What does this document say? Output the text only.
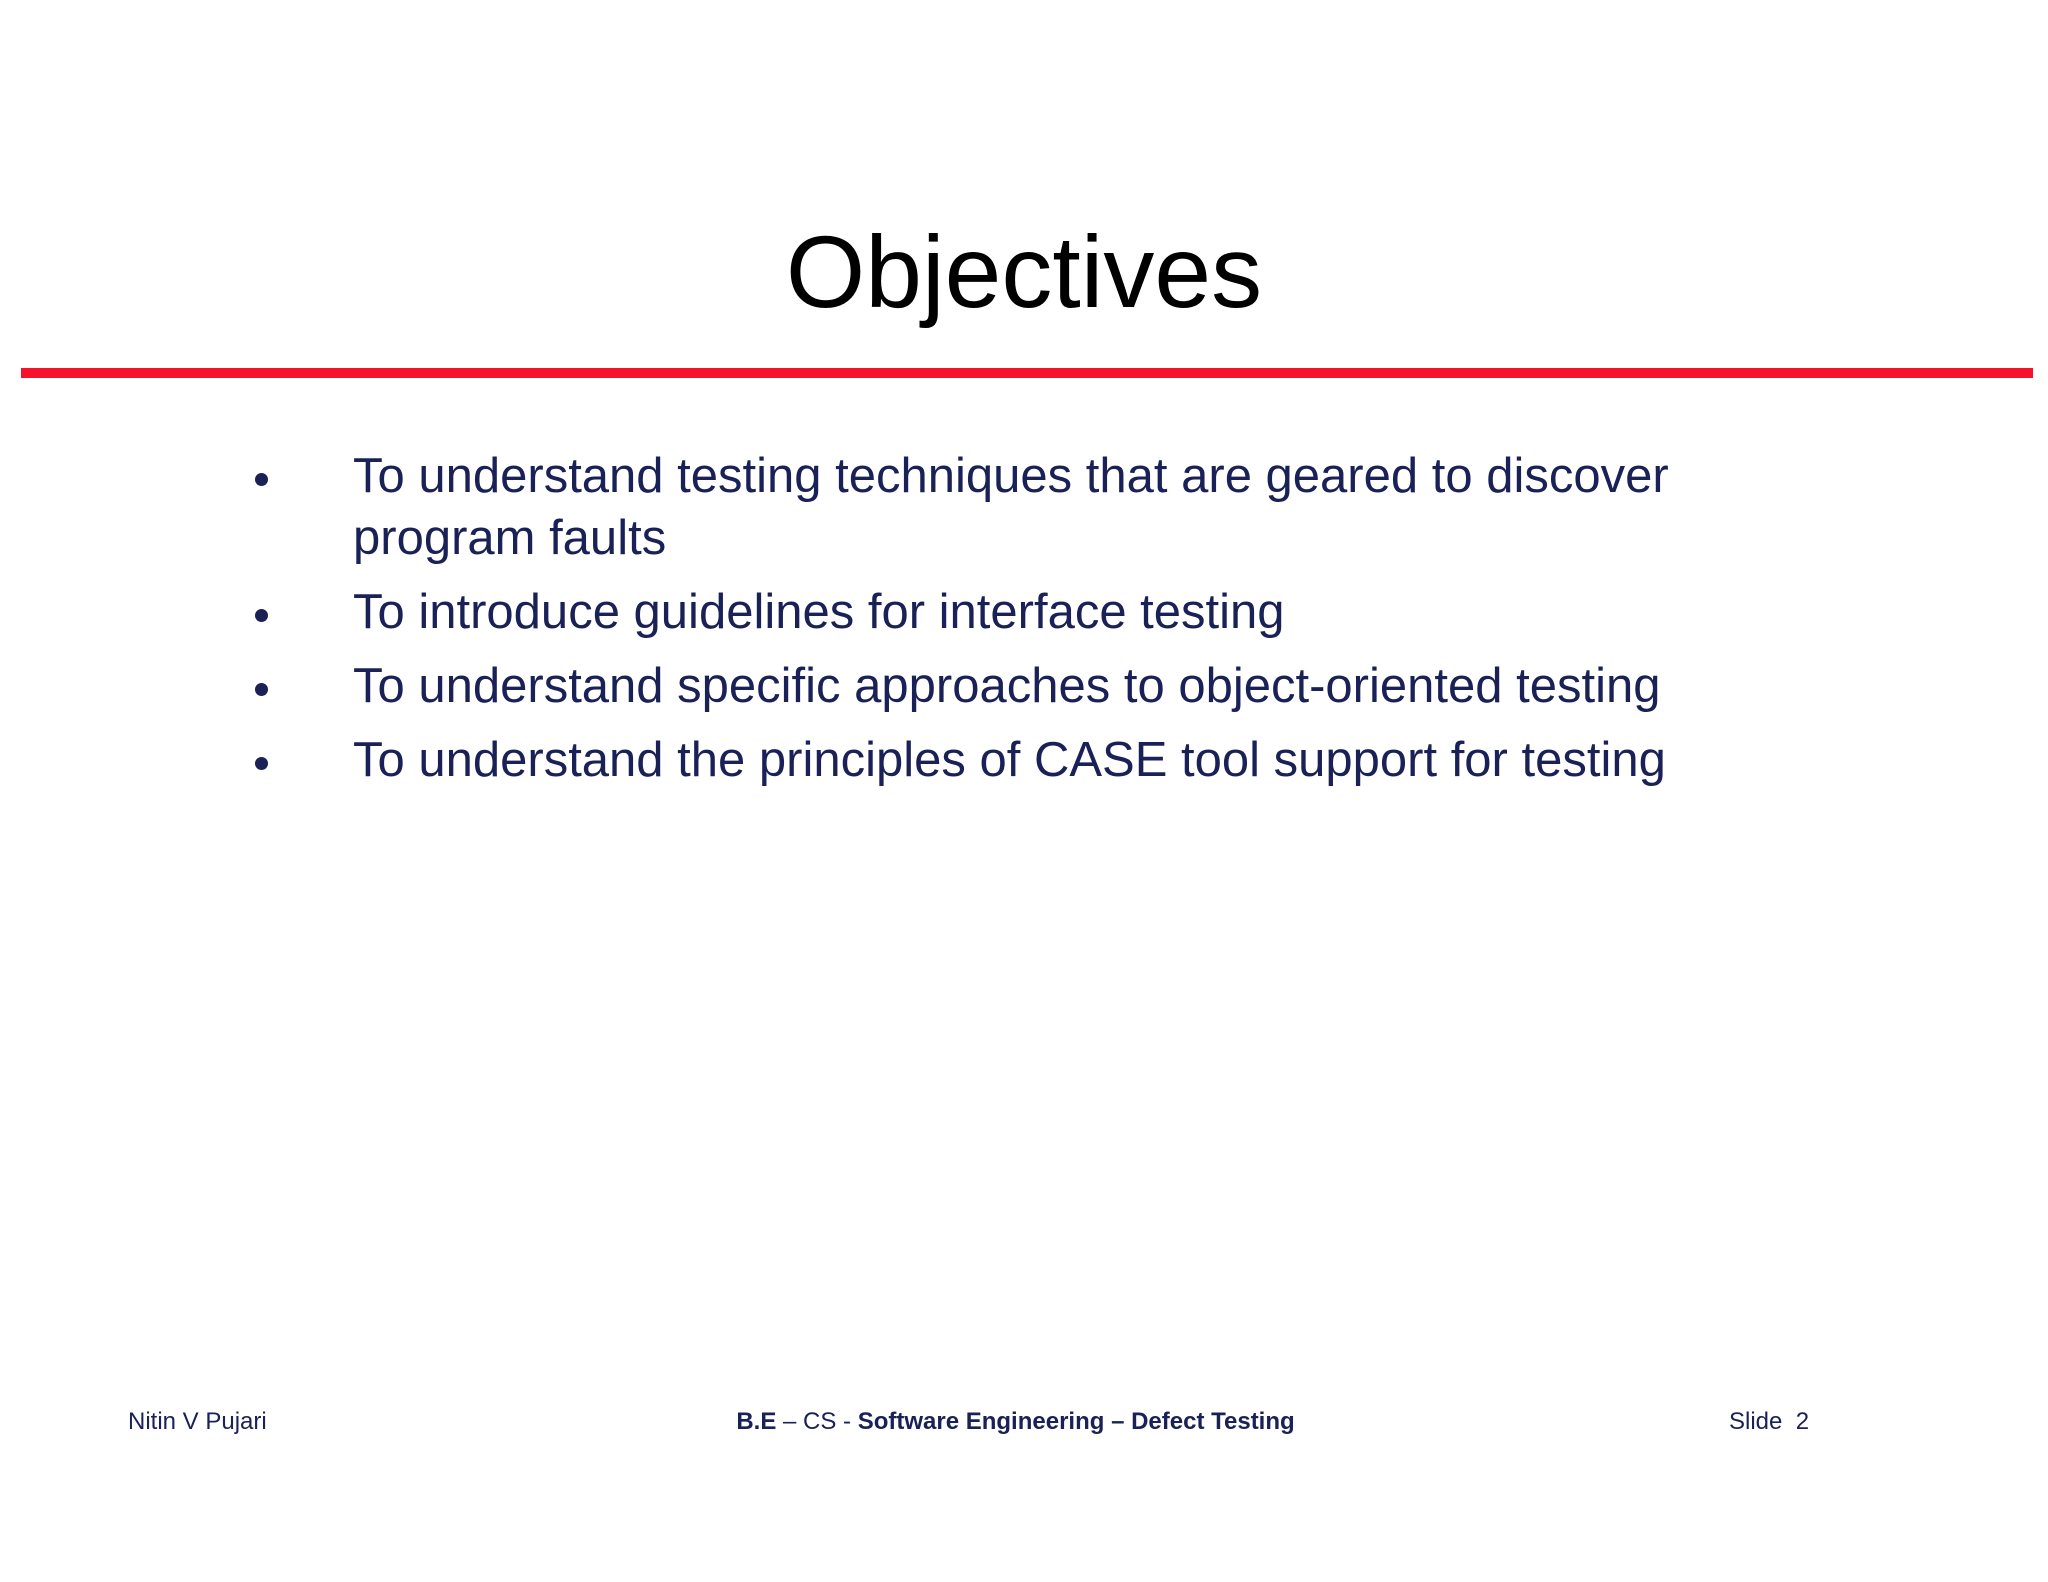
Objectives
To understand testing techniques that are geared to discover program faults
To introduce guidelines for interface testing
To understand specific approaches to object-oriented testing
To understand the principles of CASE tool support for testing
Nitin V Pujari	B.E – CS - Software Engineering – Defect Testing	Slide  2
